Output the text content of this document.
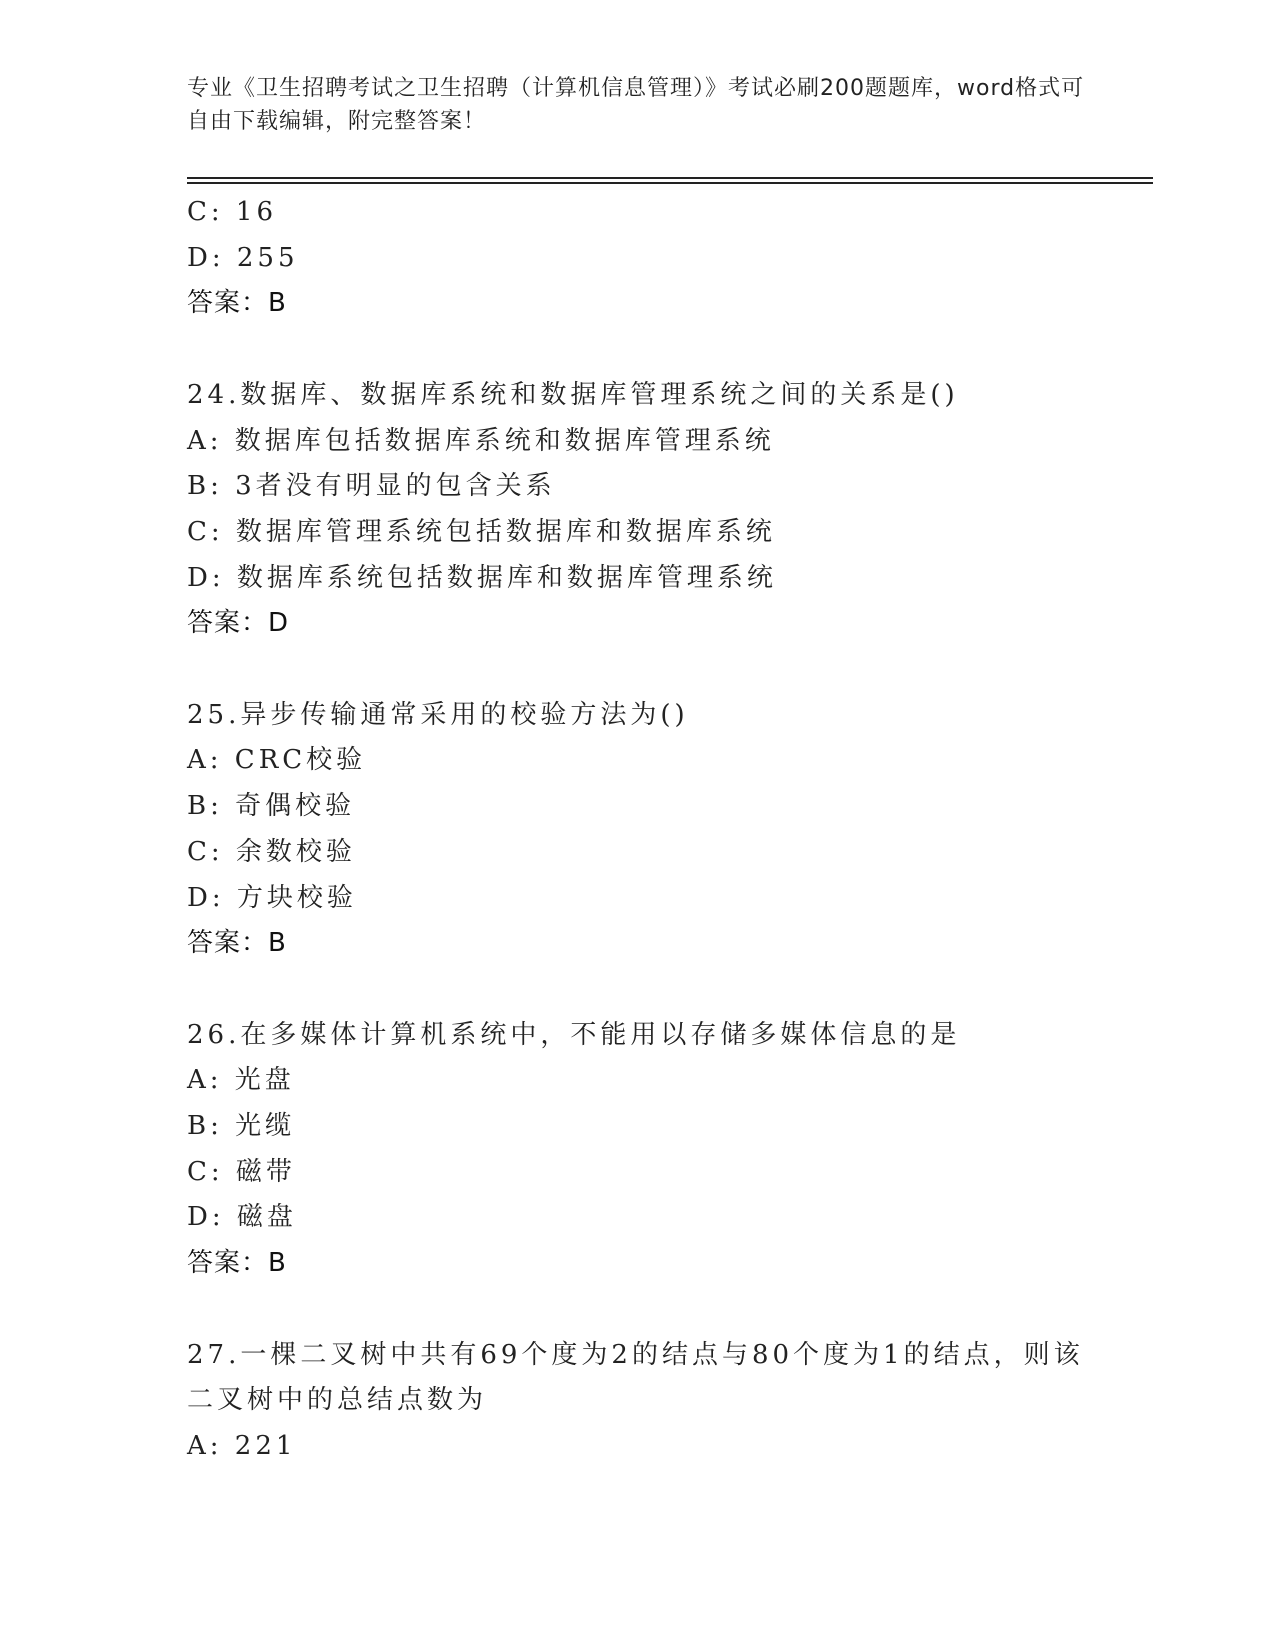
专业《卫生招聘考试之卫生招聘（计算机信息管理）》考试必刷200题题库，word格式可自由下载编辑，附完整答案！
C: 16
D: 255
答案：B
24.数据库、数据库系统和数据库管理系统之间的关系是()
A: 数据库包括数据库系统和数据库管理系统
B: 3者没有明显的包含关系
C: 数据库管理系统包括数据库和数据库系统
D: 数据库系统包括数据库和数据库管理系统
答案：D
25.异步传输通常采用的校验方法为()
A: CRC校验
B: 奇偶校验
C: 余数校验
D: 方块校验
答案：B
26.在多媒体计算机系统中，不能用以存储多媒体信息的是
A: 光盘
B: 光缆
C: 磁带
D: 磁盘
答案：B
27.一棵二叉树中共有69个度为2的结点与80个度为1的结点，则该二叉树中的总结点数为
A: 221
